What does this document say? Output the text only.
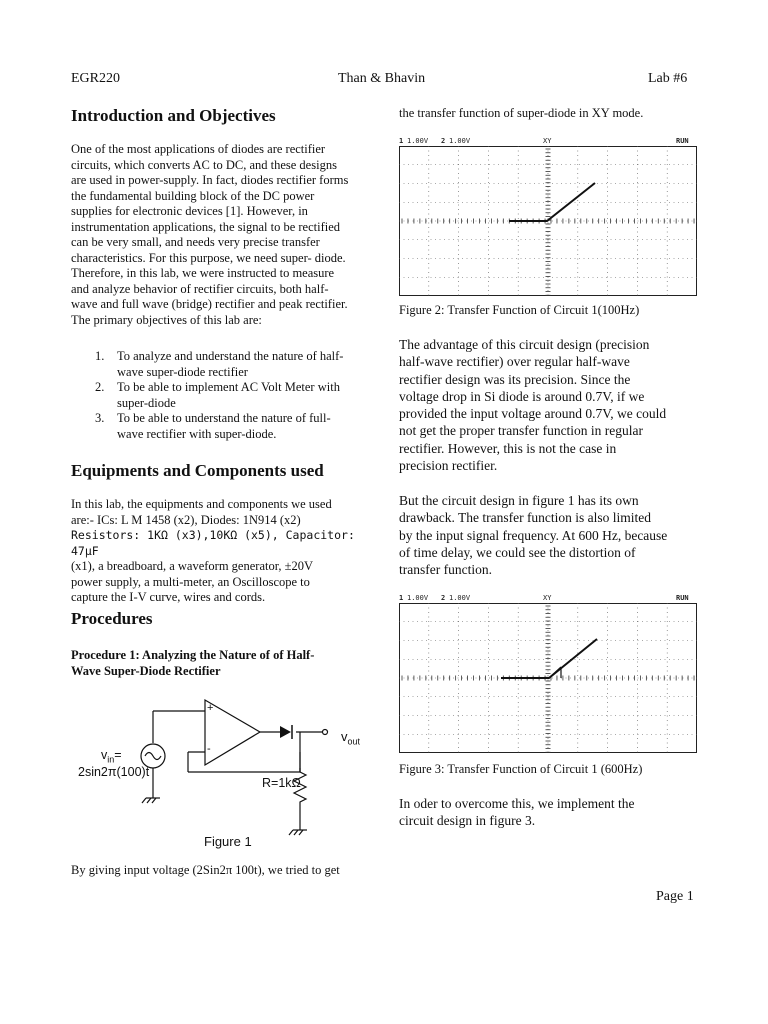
EGR220	Than & Bhavin	Lab #6
Introduction and Objectives
One of the most applications of diodes are rectifier
circuits, which converts AC to DC, and these designs
are used in power-supply. In fact, diodes rectifier forms
the fundamental building block of the DC power
supplies for electronic devices [1]. However, in
instrumentation applications, the signal to be rectified
can be very small, and needs very precise transfer
characteristics. For this purpose, we need super- diode.
Therefore, in this lab, we were instructed to measure
and analyze behavior of rectifier circuits, both half-
wave and full wave (bridge) rectifier and peak rectifier.
The primary objectives of this lab are:
1. To analyze and understand the nature of half-
wave super-diode rectifier
2. To be able to implement AC Volt Meter with
super-diode
3. To be able to understand the nature of full-
wave rectifier with super-diode.
Equipments and Components used
In this lab, the equipments and components we used
are:- ICs: L M 1458 (x2), Diodes: 1N914 (x2)
Resistors: 1KΩ (x3),10KΩ (x5), Capacitor: 47μF
(x1), a breadboard, a waveform generator, ±20V
power supply, a multi-meter, an Oscilloscope to
capture the I-V curve, wires and cords.
Procedures
Procedure 1: Analyzing the Nature of of Half-
Wave Super-Diode Rectifier
+
-
$v_{out}$
$v_{in}=$
2sin2π(100)t
R=1kΩ
Figure 1
By giving input voltage (2Sin2π 100t), we tried to get
the transfer function of super-diode in XY mode.
1 1.00V 2 1.00V	XY	RUN
Figure 2: Transfer Function of Circuit 1(100Hz)
The advantage of this circuit design (precision
half-wave rectifier) over regular half-wave
rectifier design was its precision. Since the
voltage drop in Si diode is around 0.7V, if we
provided the input voltage around 0.7V, we could
not get the proper transfer function in regular
rectifier. However, this is not the case in
precision rectifier.
But the circuit design in figure 1 has its own
drawback. The transfer function is also limited
by the input signal frequency. At 600 Hz, because
of time delay, we could see the distortion of
transfer function.
1 1.00V 2 1.00V	XY	RUN
Figure 3: Transfer Function of Circuit 1 (600Hz)
In oder to overcome this, we implement the
circuit design in figure 3.
Page 1
